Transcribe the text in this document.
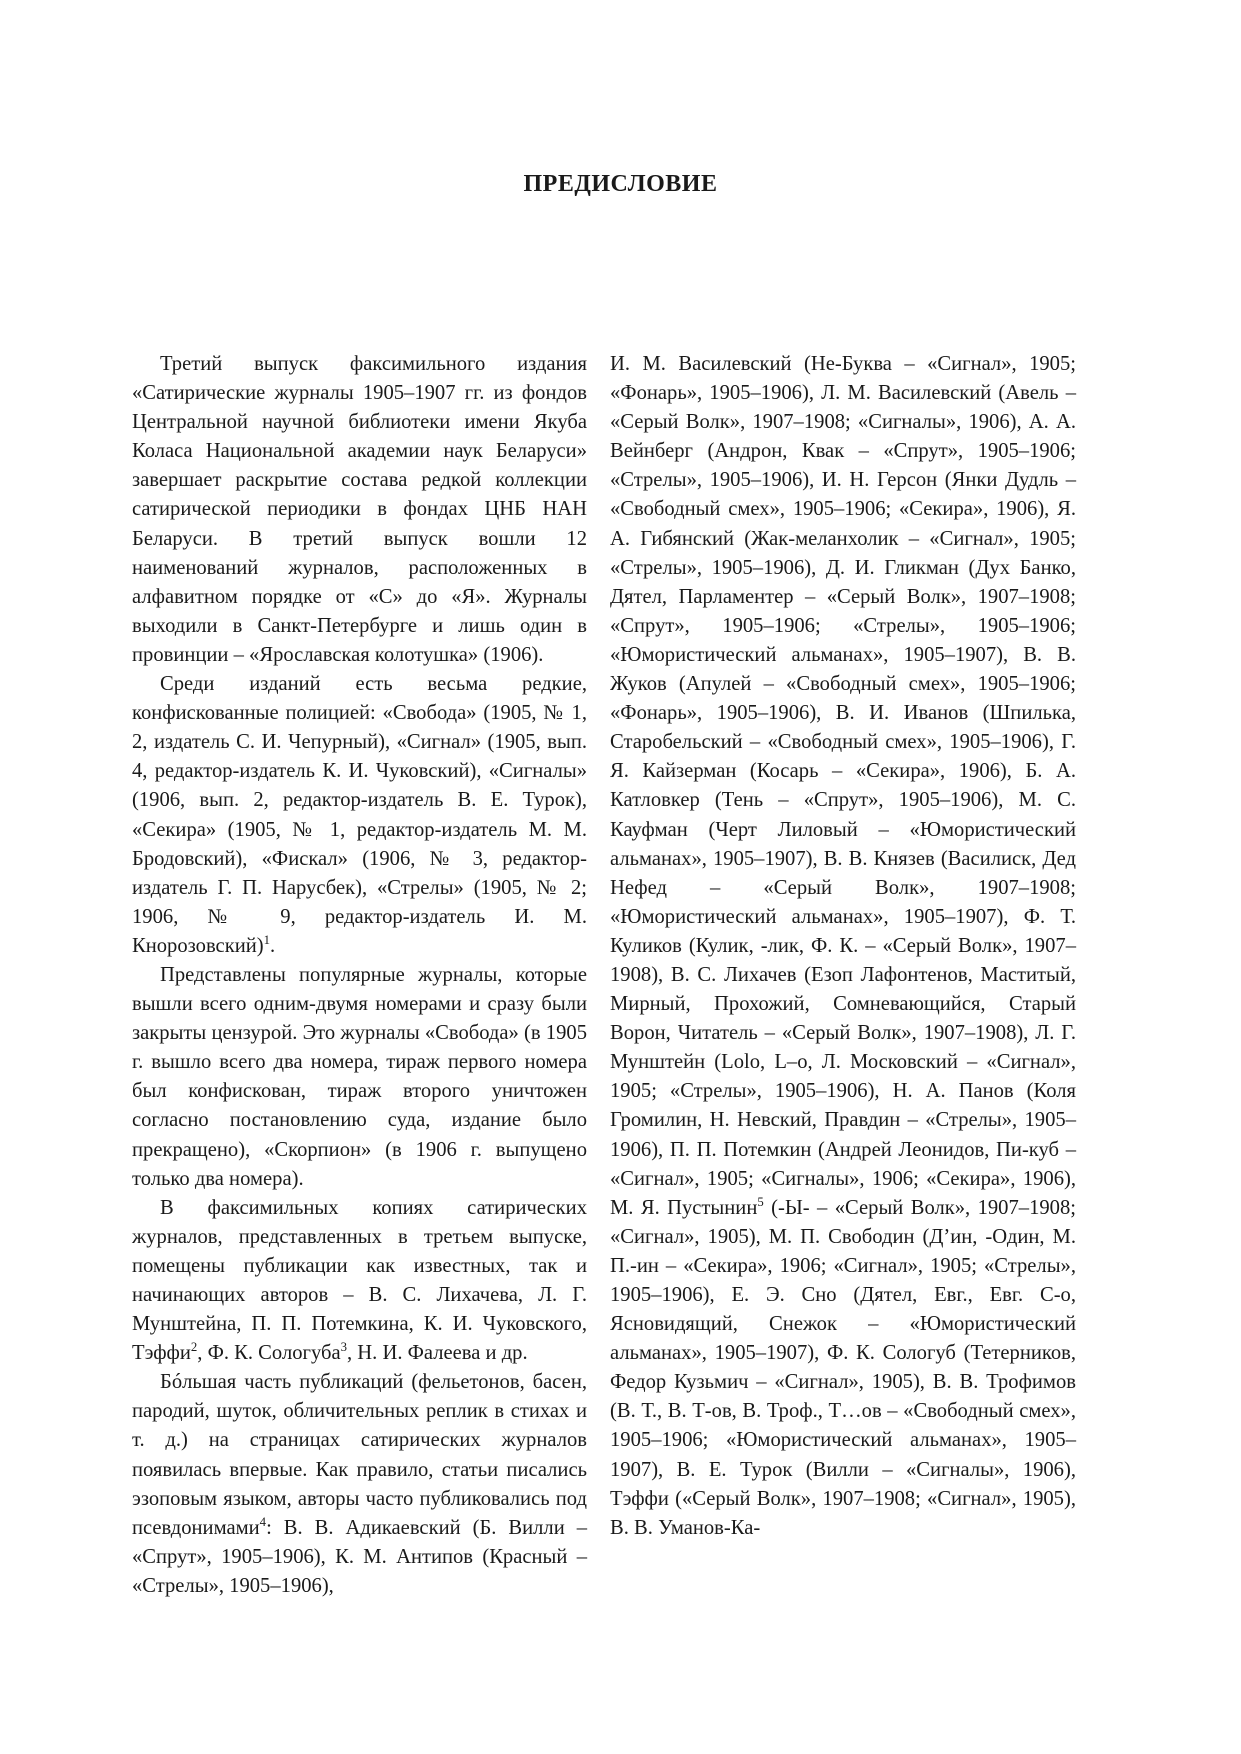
ПРЕДИСЛОВИЕ

Третий выпуск факсимильного издания «Сатирические журналы 1905–1907 гг. из фондов Центральной научной библиотеки имени Якуба Коласа Национальной академии наук Беларуси» завершает раскрытие состава редкой коллекции сатирической периодики в фондах ЦНБ НАН Беларуси. В третий выпуск вошли 12 наименований журналов, расположенных в алфавитном порядке от «С» до «Я». Журналы выходили в Санкт-Петербурге и лишь один в провинции – «Ярославская колотушка» (1906).

Среди изданий есть весьма редкие, конфискованные полицией: «Свобода» (1905, № 1, 2, издатель С. И. Чепурный), «Сигнал» (1905, вып. 4, редактор-издатель К. И. Чуковский), «Сигналы» (1906, вып. 2, редактор-издатель В. Е. Турок), «Секира» (1905, № 1, редактор-издатель М. М. Бродовский), «Фискал» (1906, № 3, редактор-издатель Г. П. Нарусбек), «Стрелы» (1905, № 2; 1906, № 9, редактор-издатель И. М. Кнорозовский)$^1$.

Представлены популярные журналы, которые вышли всего одним-двумя номерами и сразу были закрыты цензурой. Это журналы «Свобода» (в 1905 г. вышло всего два номера, тираж первого номера был конфискован, тираж второго уничтожен согласно постановлению суда, издание было прекращено), «Скорпион» (в 1906 г. выпущено только два номера).

В факсимильных копиях сатирических журналов, представленных в третьем выпуске, помещены публикации как известных, так и начинающих авторов – В. С. Лихачева, Л. Г. Мунштейна, П. П. Потемкина, К. И. Чуковского, Тэффи$^2$, Ф. К. Сологуба$^3$, Н. И. Фалеева и др.

Бóльшая часть публикаций (фельетонов, басен, пародий, шуток, обличительных реплик в стихах и т. д.) на страницах сатирических журналов появилась впервые. Как правило, статьи писались эзоповым языком, авторы часто публиковались под псевдонимами$^4$: В. В. Адикаевский (Б. Вилли – «Спрут», 1905–1906), К. М. Антипов (Красный – «Стрелы», 1905–1906),

И. М. Василевский (Не-Буква – «Сигнал», 1905; «Фонарь», 1905–1906), Л. М. Василевский (Авель – «Серый Волк», 1907–1908; «Сигналы», 1906), А. А. Вейнберг (Андрон, Квак – «Спрут», 1905–1906; «Стрелы», 1905–1906), И. Н. Герсон (Янки Дудль – «Свободный смех», 1905–1906; «Секира», 1906), Я. А. Гибянский (Жак-меланхолик – «Сигнал», 1905; «Стрелы», 1905–1906), Д. И. Гликман (Дух Банко, Дятел, Парламентер – «Серый Волк», 1907–1908; «Спрут», 1905–1906; «Стрелы», 1905–1906; «Юмористический альманах», 1905–1907), В. В. Жуков (Апулей – «Свободный смех», 1905–1906; «Фонарь», 1905–1906), В. И. Иванов (Шпилька, Старобельский – «Свободный смех», 1905–1906), Г. Я. Кайзерман (Косарь – «Секира», 1906), Б. А. Катловкер (Тень – «Спрут», 1905–1906), М. С. Кауфман (Черт Лиловый – «Юмористический альманах», 1905–1907), В. В. Князев (Василиск, Дед Нефед – «Серый Волк», 1907–1908; «Юмористический альманах», 1905–1907), Ф. Т. Куликов (Кулик, -лик, Ф. К. – «Серый Волк», 1907–1908), В. С. Лихачев (Езоп Лафонтенов, Маститый, Мирный, Прохожий, Сомневающийся, Старый Ворон, Читатель – «Серый Волк», 1907–1908), Л. Г. Мунштейн (Lolo, L–о, Л. Московский – «Сигнал», 1905; «Стрелы», 1905–1906), Н. А. Панов (Коля Громилин, Н. Невский, Правдин – «Стрелы», 1905–1906), П. П. Потемкин (Андрей Леонидов, Пи-куб – «Сигнал», 1905; «Сигналы», 1906; «Секира», 1906), М. Я. Пустынин$^5$ (-Ы- – «Серый Волк», 1907–1908; «Сигнал», 1905), М. П. Свободин (Д’ин, -Один, М. П.-ин – «Секира», 1906; «Сигнал», 1905; «Стрелы», 1905–1906), Е. Э. Сно (Дятел, Евг., Евг. С-о, Ясновидящий, Снежок – «Юмористический альманах», 1905–1907), Ф. К. Сологуб (Тетерников, Федор Кузьмич – «Сигнал», 1905), В. В. Трофимов (В. Т., В. Т-ов, В. Троф., Т…ов – «Свободный смех», 1905–1906; «Юмористический альманах», 1905–1907), В. Е. Турок (Вилли – «Сигналы», 1906), Тэффи («Серый Волк», 1907–1908; «Сигнал», 1905), В. В. Уманов-Ка-
